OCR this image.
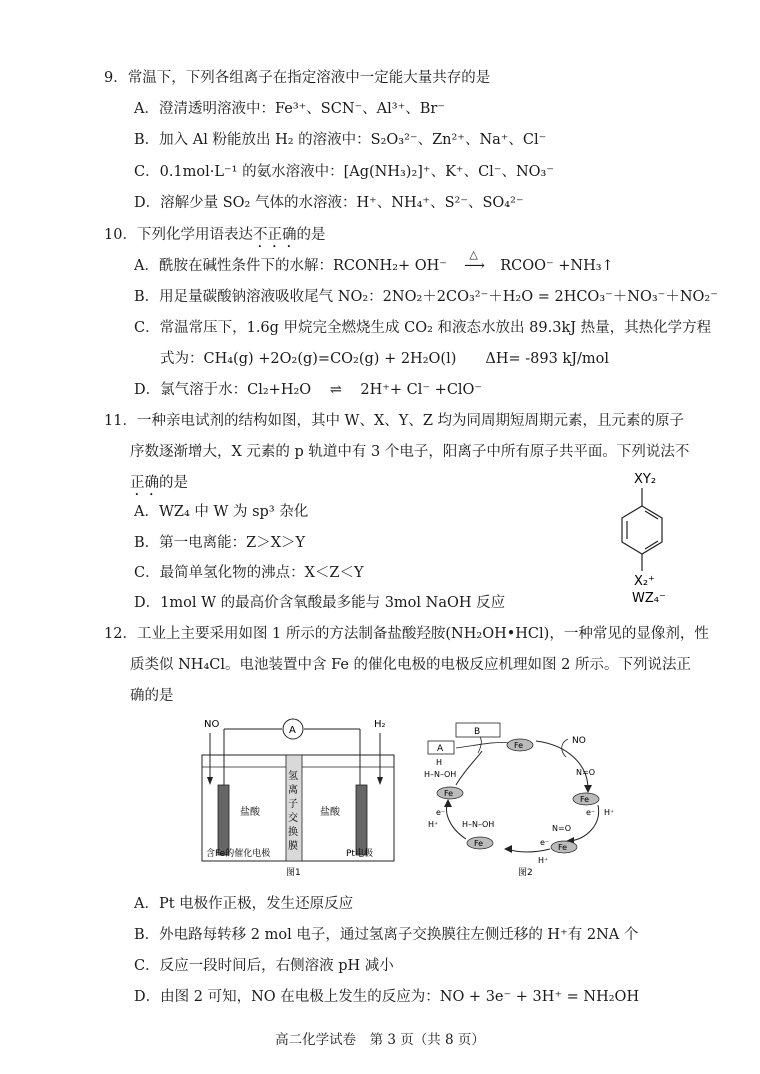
9．常温下，下列各组离子在指定溶液中一定能大量共存的是
A．澄清透明溶液中：Fe³⁺、SCN⁻、Al³⁺、Br⁻
B．加入 Al 粉能放出 H₂ 的溶液中：S₂O₃²⁻、Zn²⁺、Na⁺、Cl⁻
C．0.1mol·L⁻¹ 的氨水溶液中：[Ag(NH₃)₂]⁺、K⁺、Cl⁻、NO₃⁻
D．溶解少量 SO₂ 气体的水溶液：H⁺、NH₄⁺、S²⁻、SO₄²⁻
10．下列化学用语表达不正确的是
A．酰胺在碱性条件下的水解：RCONH₂+ OH⁻
△
⟶ RCOO⁻ +NH₃↑
B．用足量碳酸钠溶液吸收尾气 NO₂：2NO₂＋2CO₃²⁻＋H₂O = 2HCO₃⁻＋NO₃⁻＋NO₂⁻
C．常温常压下，1.6g 甲烷完全燃烧生成 CO₂ 和液态水放出 89.3kJ 热量，其热化学方程
式为：CH₄(g) +2O₂(g)=CO₂(g) + 2H₂O(l)　　ΔH= -893 kJ/mol
D．氯气溶于水：Cl₂+H₂O ⇌ 2H⁺+ Cl⁻ +ClO⁻
11．一种亲电试剂的结构如图，其中 W、X、Y、Z 均为同周期短周期元素，且元素的原子
序数逐渐增大，X 元素的 p 轨道中有 3 个电子，阳离子中所有原子共平面。下列说法不
正确的是
A．WZ₄ 中 W 为 sp³ 杂化
B．第一电离能：Z＞X＞Y
C．最简单氢化物的沸点：X＜Z＜Y
D．1mol W 的最高价含氧酸最多能与 3mol NaOH 反应
XY₂
X₂⁺
WZ₄⁻
12．工业上主要采用如图 1 所示的方法制备盐酸羟胺(NH₂OH•HCl)，一种常见的显像剂，性
质类似 NH₄Cl。电池装置中含 Fe 的催化电极的电极反应机理如图 2 所示。下列说法正
确的是
NO	H₂
A
氢
离
子
交
换
膜
盐酸	盐酸
含Fe的催化电极	Pt电极
图1
B
A	Fe	NO
N=O
Fe
e⁻ H⁺
N=O
Fe
e⁻
H⁺
H–N–OH
Fe
e⁻
H⁺
Fe
H
H–N–OH
图2
A．Pt 电极作正极，发生还原反应
B．外电路每转移 2 mol 电子，通过氢离子交换膜往左侧迁移的 H⁺有 2NA 个
C．反应一段时间后，右侧溶液 pH 减小
D．由图 2 可知，NO 在电极上发生的反应为：NO + 3e⁻ + 3H⁺ = NH₂OH
高二化学试卷　第 3 页（共 8 页）
